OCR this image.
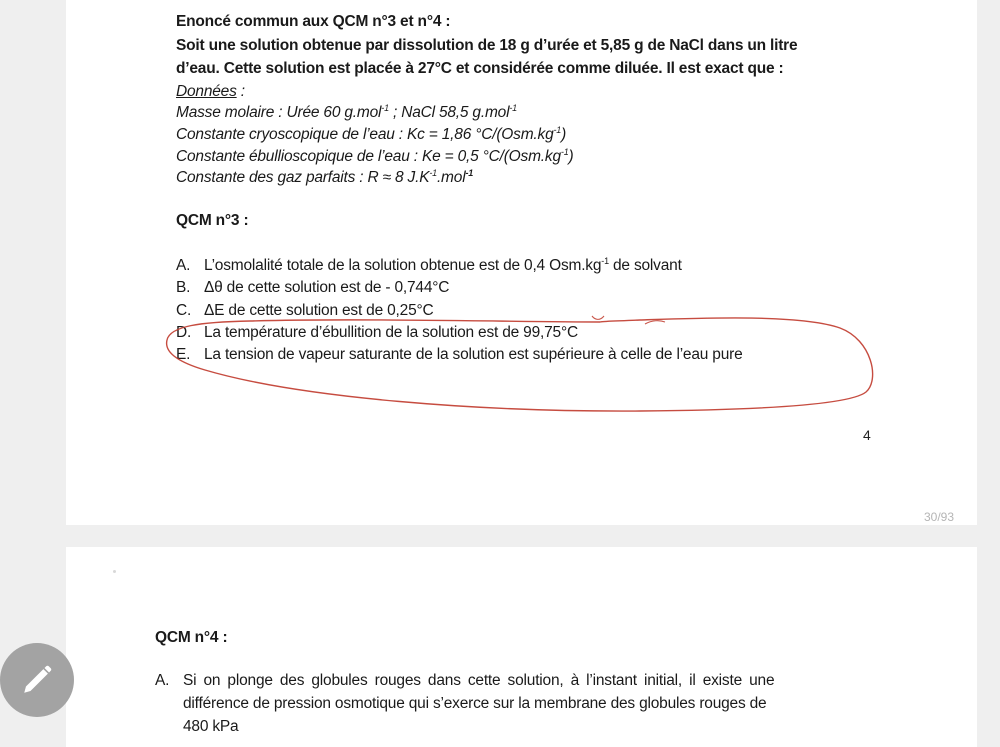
Enoncé commun aux QCM n°3 et n°4 :
Soit une solution obtenue par dissolution de 18 g d’urée et 5,85 g de NaCl dans un litre
d’eau. Cette solution est placée à 27°C et considérée comme diluée. Il est exact que :
Données :
Masse molaire : Urée 60 g.mol$^{-1}$ ; NaCl 58,5 g.mol$^{-1}$
Constante cryoscopique de l’eau : Kc = 1,86 $^\circ C/(Osm.kg^{-1})$
Constante ébullioscopique de l’eau : Ke = 0,5 $^\circ C/(Osm.kg^{-1})$
Constante des gaz parfaits : R ≈ 8 $J.K^{-1}.mol^{-1}$
QCM n°3 :
A. L’osmolalité totale de la solution obtenue est de 0,4 $Osm.kg^{-1}$ de solvant
B. Δθ de cette solution est de - 0,744°C
C. ΔE de cette solution est de 0,25°C
D. La température d’ébullition de la solution est de 99,75°C
E. La tension de vapeur saturante de la solution est supérieure à celle de l’eau pure
4
30/93
QCM n°4 :
A. Si on plonge des globules rouges dans cette solution, à l’instant initial, il existe une
différence de pression osmotique qui s’exerce sur la membrane des globules rouges de
480 kPa
